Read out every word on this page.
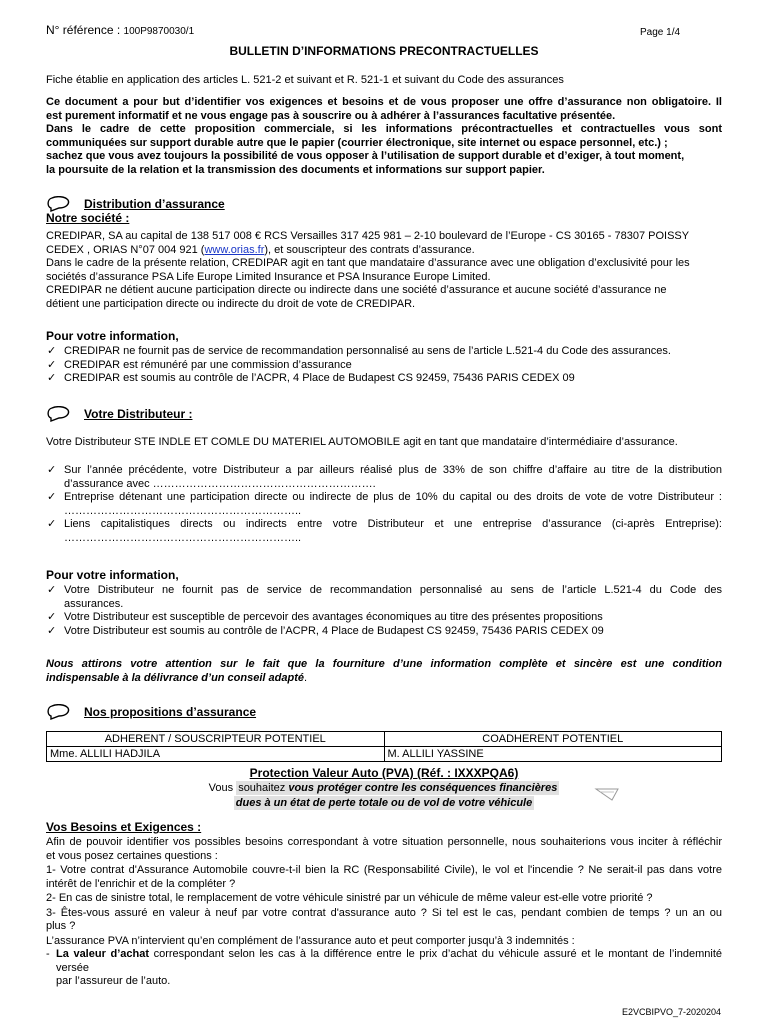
N° référence : 100P9870030/1	Page 1/4
BULLETIN D’INFORMATIONS PRECONTRACTUELLES
Fiche établie en application des articles L. 521-2 et suivant et R. 521-1 et suivant du Code des assurances
Ce document a pour but d’identifier vos exigences et besoins et de vous proposer une offre d’assurance non obligatoire. Il
est purement informatif et ne vous engage pas à souscrire ou à adhérer à l’assurances facultative présentée.
Dans le cadre de cette proposition commerciale, si les informations précontractuelles et contractuelles vous sont
communiquées sur support durable autre que le papier (courrier électronique, site internet ou espace personnel, etc.) ;
sachez que vous avez toujours la possibilité de vous opposer à l’utilisation de support durable et d’exiger, à tout moment,
la poursuite de la relation et la transmission des documents et informations sur support papier.
Distribution d’assurance
Notre société :
CREDIPAR, SA au capital de 138 517 008 € RCS Versailles 317 425 981 – 2-10 boulevard de l’Europe - CS 30165 - 78307 POISSY
CEDEX , ORIAS N°07 004 921 (www.orias.fr), et souscripteur des contrats d’assurance.
Dans le cadre de la présente relation, CREDIPAR agit en tant que mandataire d’assurance avec une obligation d’exclusivité pour les
sociétés d’assurance PSA Life Europe Limited Insurance et PSA Insurance Europe Limited.
CREDIPAR ne détient aucune participation directe ou indirecte dans une société d’assurance et aucune société d’assurance ne
détient une participation directe ou indirecte du droit de vote de CREDIPAR.
Pour votre information,
✓ CREDIPAR ne fournit pas de service de recommandation personnalisé au sens de l’article L.521-4 du Code des assurances.
✓ CREDIPAR est rémunéré par une commission d’assurance
✓ CREDIPAR est soumis au contrôle de l’ACPR, 4 Place de Budapest CS 92459, 75436 PARIS CEDEX 09
Votre Distributeur :
Votre Distributeur STE INDLE ET COMLE DU MATERIEL AUTOMOBILE agit en tant que mandataire d’intermédiaire d’assurance.
✓ Sur l’année précédente, votre Distributeur a par ailleurs réalisé plus de 33% de son chiffre d’affaire au titre de la distribution
d’assurance avec …………………………………………………….
✓ Entreprise détenant une participation directe ou indirecte de plus de 10% du capital ou des droits de vote de votre Distributeur :
………………………………………………………..
✓ Liens capitalistiques directs ou indirects entre votre Distributeur et une entreprise d’assurance (ci-après Entreprise):
………………………………………………………..
Pour votre information,
✓ Votre Distributeur ne fournit pas de service de recommandation personnalisé au sens de l’article L.521-4 du Code des
assurances.
✓ Votre Distributeur est susceptible de percevoir des avantages économiques au titre des présentes propositions
✓ Votre Distributeur est soumis au contrôle de l’ACPR, 4 Place de Budapest CS 92459, 75436 PARIS CEDEX 09
Nous attirons votre attention sur le fait que la fourniture d’une information complète et sincère est une condition
indispensable à la délivrance d’un conseil adapté.
Nos propositions d’assurance
ADHERENT / SOUSCRIPTEUR POTENTIEL	COADHERENT POTENTIEL
Mme. ALLILI HADJILA	M. ALLILI YASSINE
Protection Valeur Auto (PVA) (Réf. : IXXXPQA6)
Vous souhaitez vous protéger contre les conséquences financières
dues à un état de perte totale ou de vol de votre véhicule
Vos Besoins et Exigences :
Afin de pouvoir identifier vos possibles besoins correspondant à votre situation personnelle, nous souhaiterions vous inciter à réfléchir
et vous posez certaines questions :
1- Votre contrat d'Assurance Automobile couvre-t-il bien la RC (Responsabilité Civile), le vol et l'incendie ? Ne serait-il pas dans votre
intérêt de l'enrichir et de la compléter ?
2- En cas de sinistre total, le remplacement de votre véhicule sinistré par un véhicule de même valeur est-elle votre priorité ?
3- Êtes-vous assuré en valeur à neuf par votre contrat d'assurance auto ? Si tel est le cas, pendant combien de temps ? un an ou
plus ?
L’assurance PVA n’intervient qu’en complément de l’assurance auto et peut comporter jusqu’à 3 indemnités :
- La valeur d’achat correspondant selon les cas à la différence entre le prix d’achat du véhicule assuré et le montant de l’indemnité versée
par l’assureur de l’auto.
E2VCBIPVO_7-2020204
